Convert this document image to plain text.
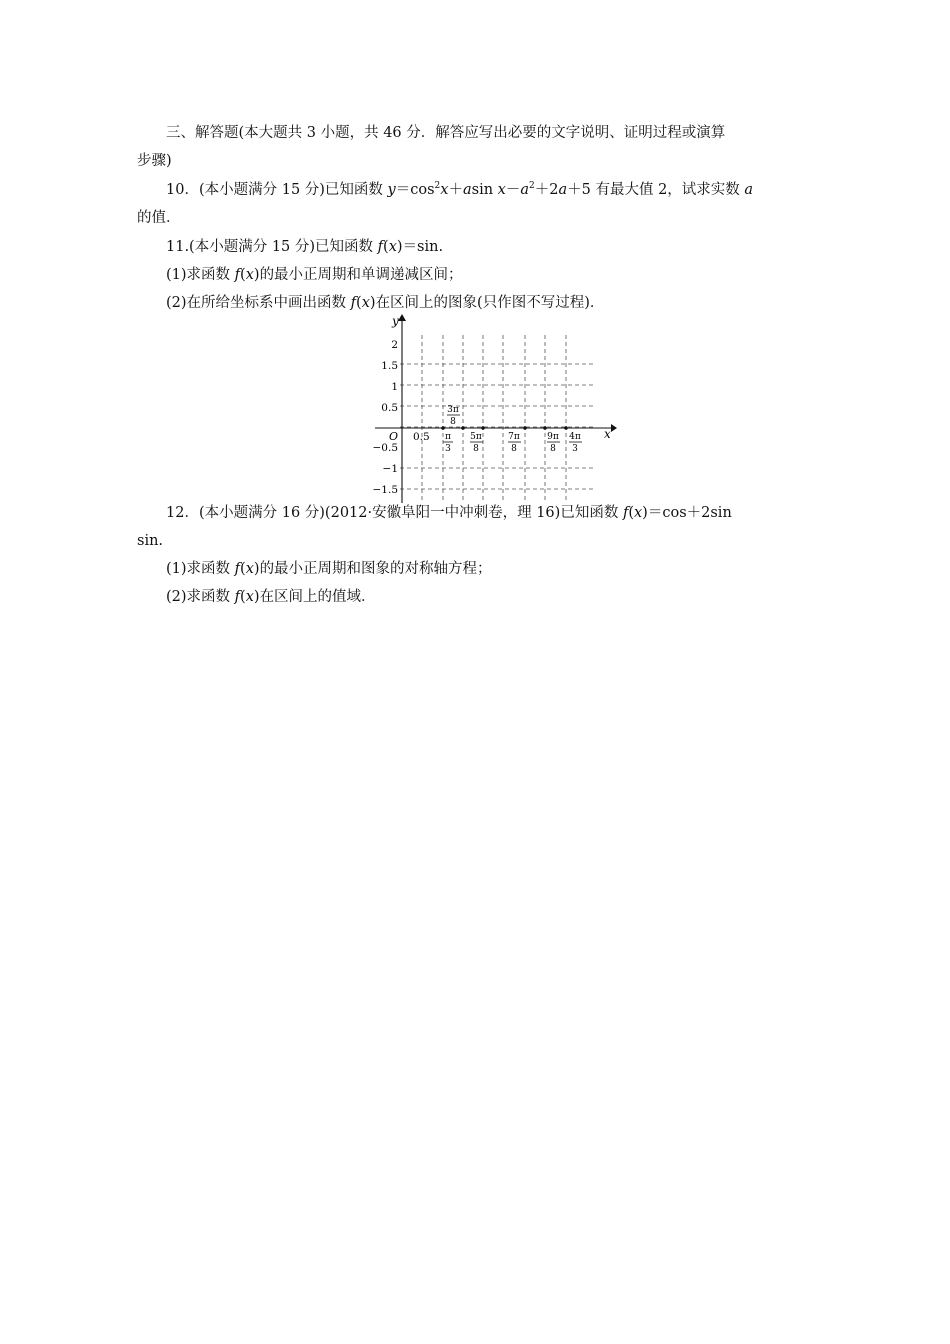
三、解答题(本大题共 3 小题，共 46 分．解答应写出必要的文字说明、证明过程或演算
步骤)
10．(本小题满分 15 分)已知函数 $y=\cos^2x+asin$ $x-a^2+2a+5$ 有最大值 2，试求实数 a
的值．
11.(本小题满分 15 分)已知函数 f(x)＝sin.
(1)求函数 f(x)的最小正周期和单调递减区间；
(2)在所给坐标系中画出函数 f(x)在区间上的图象(只作图不写过程)．
y
x
O
2
1.5
1
0.5
−0.5
−1
−1.5
0.5
3π
8
π
3
5π
8
7π
8
9π
8
4π
3
12．(本小题满分 16 分)(2012·安徽阜阳一中冲刺卷，理 16)已知函数 f(x)＝cos＋2sin
sin.
(1)求函数 f(x)的最小正周期和图象的对称轴方程；
(2)求函数 f(x)在区间上的值域．
